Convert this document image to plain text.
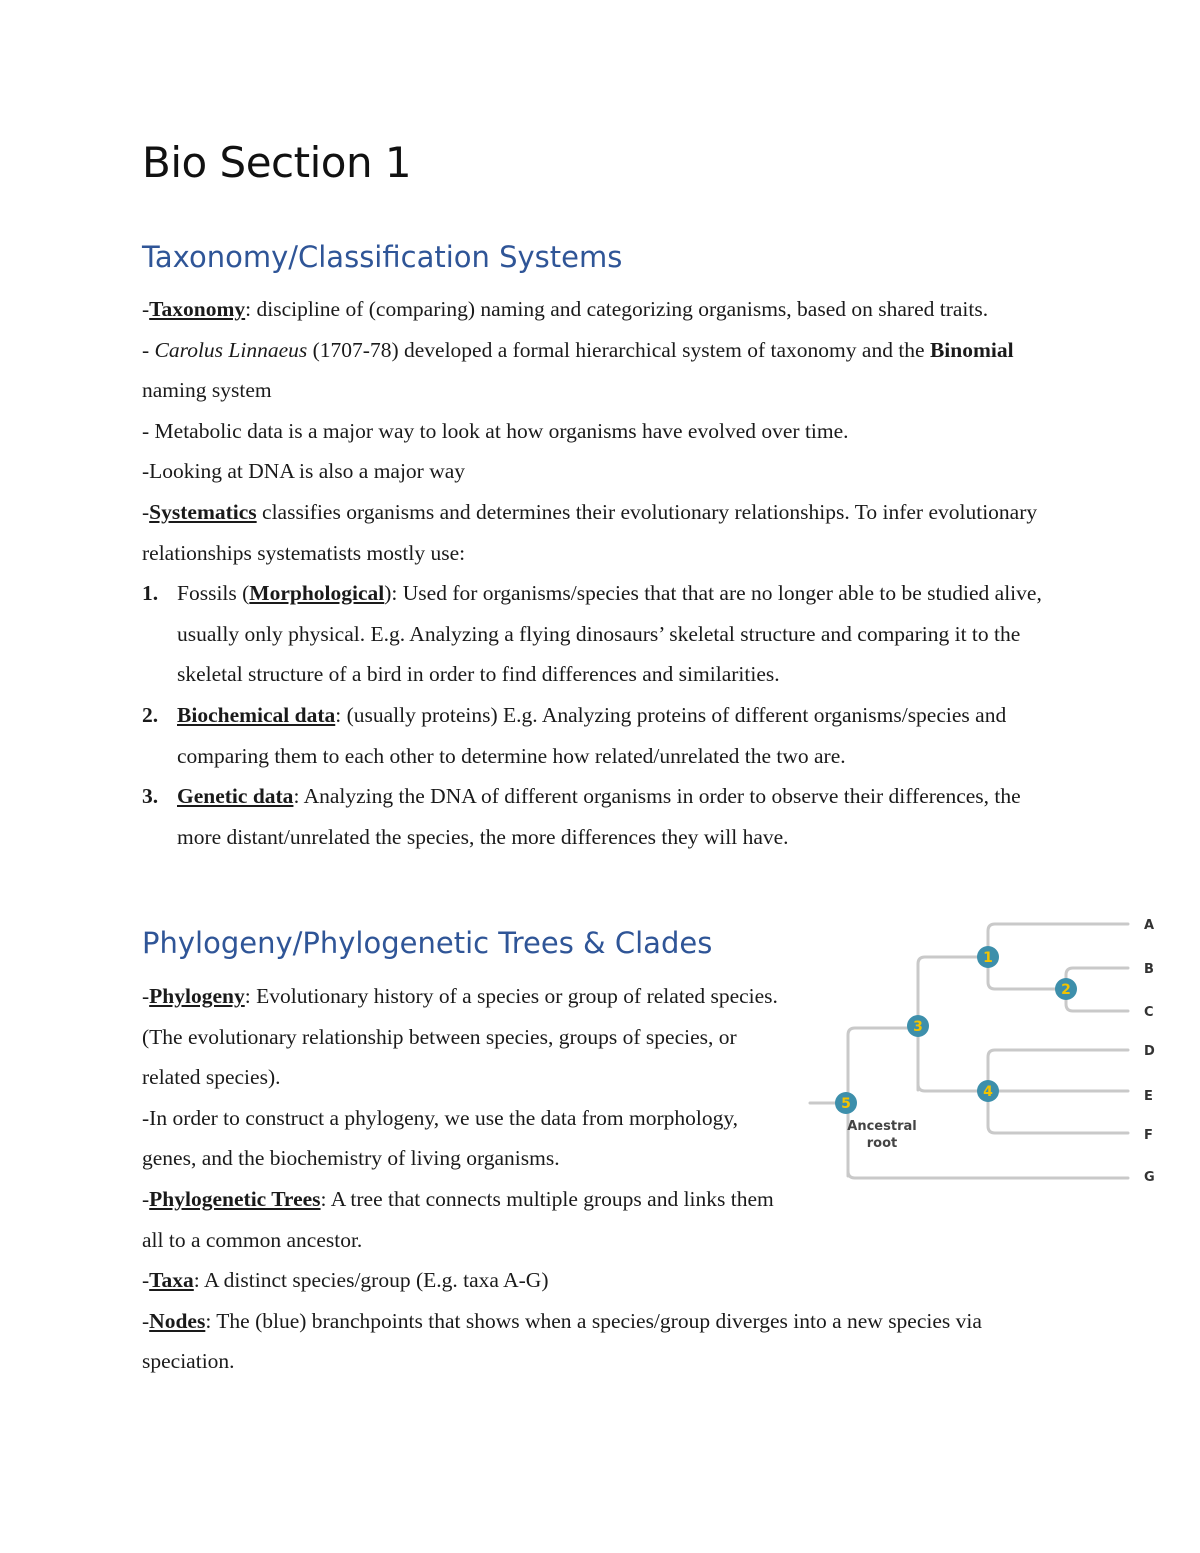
Bio Section 1
Taxonomy/Classification Systems

-Taxonomy: discipline of (comparing) naming and categorizing organisms, based on shared traits.

- Carolus Linnaeus (1707-78) developed a formal hierarchical system of taxonomy and the Binomial naming system

- Metabolic data is a major way to look at how organisms have evolved over time.

-Looking at DNA is also a major way

-Systematics classifies organisms and determines their evolutionary relationships. To infer evolutionary relationships systematists mostly use:

1. Fossils (Morphological): Used for organisms/species that that are no longer able to be studied alive, usually only physical. E.g. Analyzing a flying dinosaurs’ skeletal structure and comparing it to the skeletal structure of a bird in order to find differences and similarities.
2. Biochemical data: (usually proteins) E.g. Analyzing proteins of different organisms/species and comparing them to each other to determine how related/unrelated the two are.
3. Genetic data: Analyzing the DNA of different organisms in order to observe their differences, the more distant/unrelated the species, the more differences they will have.
Phylogeny/Phylogenetic Trees & Clades

-Phylogeny: Evolutionary history of a species or group of related species. (The evolutionary relationship between species, groups of species, or related species).

-In order to construct a phylogeny, we use the data from morphology, genes, and the biochemistry of living organisms.

-Phylogenetic Trees: A tree that connects multiple groups and links them all to a common ancestor.

-Taxa: A distinct species/group (E.g. taxa A-G)

-Nodes: The (blue) branchpoints that shows when a species/group diverges into a new species via speciation.

1
2
3
4
5
Ancestral
root
A
B
C
D
E
F
G
